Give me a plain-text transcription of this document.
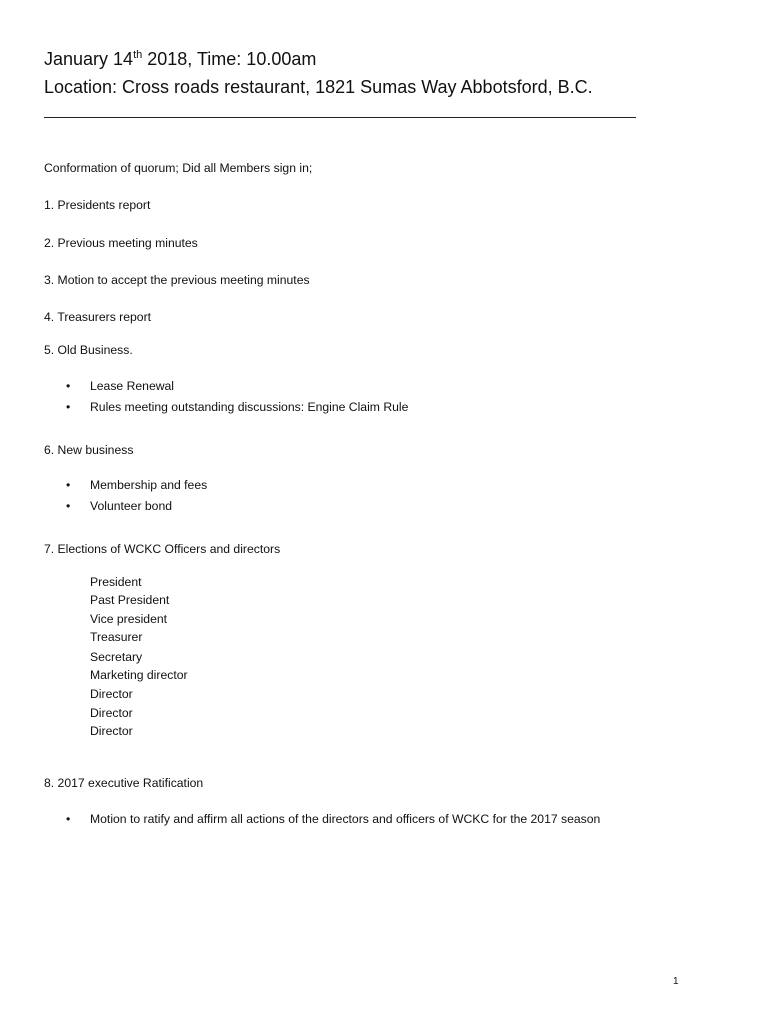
January 14th 2018, Time: 10.00am
Location: Cross roads restaurant, 1821 Sumas Way Abbotsford, B.C.
Conformation of quorum; Did all Members sign in;
1. Presidents report
2. Previous meeting minutes
3. Motion to accept the previous meeting minutes
4. Treasurers report
5. Old Business.
• Lease Renewal
• Rules meeting outstanding discussions: Engine Claim Rule
6. New business
• Membership and fees
• Volunteer bond
7. Elections of WCKC Officers and directors
President
Past President
Vice president
Treasurer
Secretary
Marketing director
Director
Director
Director
8. 2017 executive Ratification
• Motion to ratify and affirm all actions of the directors and officers of WCKC for the 2017 season
1
